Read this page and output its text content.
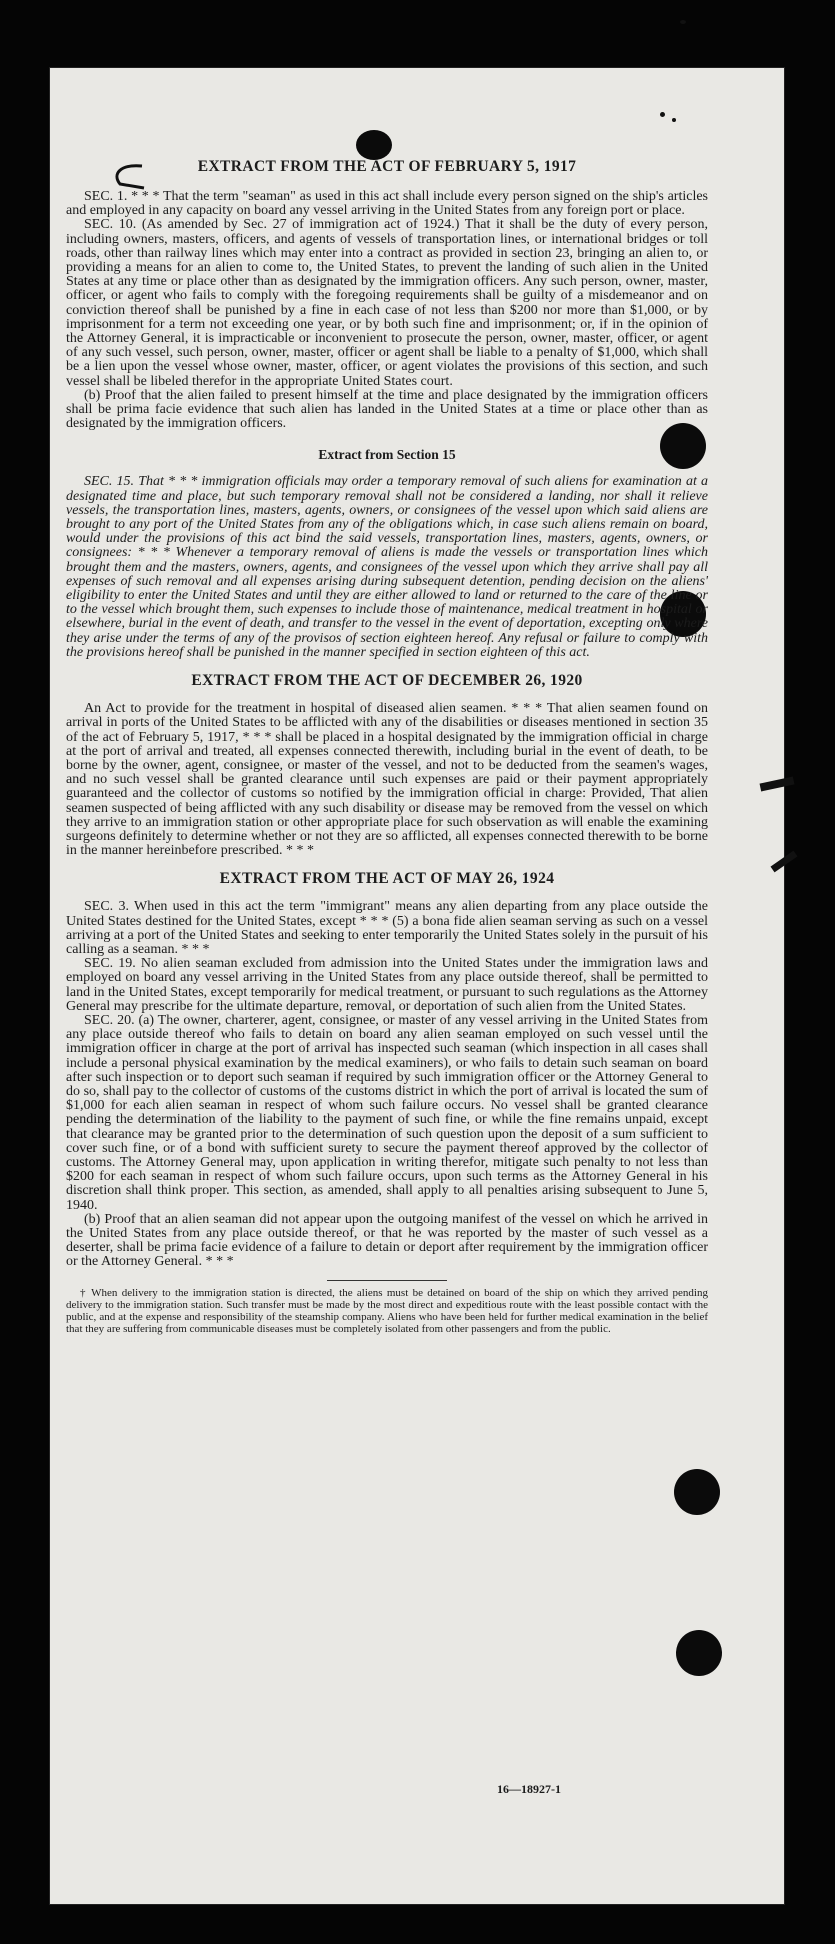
EXTRACT FROM THE ACT OF FEBRUARY 5, 1917

SEC. 1. * * * That the term "seaman" as used in this act shall include every person signed on the ship's articles and employed in any capacity on board any vessel arriving in the United States from any foreign port or place.

SEC. 10. (As amended by Sec. 27 of immigration act of 1924.) That it shall be the duty of every person, including owners, masters, officers, and agents of vessels of transportation lines, or international bridges or toll roads, other than railway lines which may enter into a contract as provided in section 23, bringing an alien to, or providing a means for an alien to come to, the United States, to prevent the landing of such alien in the United States at any time or place other than as designated by the immigration officers. Any such person, owner, master, officer, or agent who fails to comply with the foregoing requirements shall be guilty of a misdemeanor and on conviction thereof shall be punished by a fine in each case of not less than $200 nor more than $1,000, or by imprisonment for a term not exceeding one year, or by both such fine and imprisonment; or, if in the opinion of the Attorney General, it is impracticable or inconvenient to prosecute the person, owner, master, officer, or agent of any such vessel, such person, owner, master, officer or agent shall be liable to a penalty of $1,000, which shall be a lien upon the vessel whose owner, master, officer, or agent violates the provisions of this section, and such vessel shall be libeled therefor in the appropriate United States court.

(b) Proof that the alien failed to present himself at the time and place designated by the immigration officers shall be prima facie evidence that such alien has landed in the United States at a time or place other than as designated by the immigration officers.

Extract from Section 15

SEC. 15. That * * * immigration officials may order a temporary removal of such aliens for examination at a designated time and place, but such temporary removal shall not be considered a landing, nor shall it relieve vessels, the transportation lines, masters, agents, owners, or consignees of the vessel upon which said aliens are brought to any port of the United States from any of the obligations which, in case such aliens remain on board, would under the provisions of this act bind the said vessels, transportation lines, masters, agents, owners, or consignees: * * * Whenever a temporary removal of aliens is made the vessels or transportation lines which brought them and the masters, owners, agents, and consignees of the vessel upon which they arrive shall pay all expenses of such removal and all expenses arising during subsequent detention, pending decision on the aliens' eligibility to enter the United States and until they are either allowed to land or returned to the care of the line or to the vessel which brought them, such expenses to include those of maintenance, medical treatment in hospital or elsewhere, burial in the event of death, and transfer to the vessel in the event of deportation, excepting only where they arise under the terms of any of the provisos of section eighteen hereof. Any refusal or failure to comply with the provisions hereof shall be punished in the manner specified in section eighteen of this act.

EXTRACT FROM THE ACT OF DECEMBER 26, 1920

An Act to provide for the treatment in hospital of diseased alien seamen. * * * That alien seamen found on arrival in ports of the United States to be afflicted with any of the disabilities or diseases mentioned in section 35 of the act of February 5, 1917, * * * shall be placed in a hospital designated by the immigration official in charge at the port of arrival and treated, all expenses connected therewith, including burial in the event of death, to be borne by the owner, agent, consignee, or master of the vessel, and not to be deducted from the seamen's wages, and no such vessel shall be granted clearance until such expenses are paid or their payment appropriately guaranteed and the collector of customs so notified by the immigration official in charge: Provided, That alien seamen suspected of being afflicted with any such disability or disease may be removed from the vessel on which they arrive to an immigration station or other appropriate place for such observation as will enable the examining surgeons definitely to determine whether or not they are so afflicted, all expenses connected therewith to be borne in the manner hereinbefore prescribed. * * *

EXTRACT FROM THE ACT OF MAY 26, 1924

SEC. 3. When used in this act the term "immigrant" means any alien departing from any place outside the United States destined for the United States, except * * * (5) a bona fide alien seaman serving as such on a vessel arriving at a port of the United States and seeking to enter temporarily the United States solely in the pursuit of his calling as a seaman. * * *

SEC. 19. No alien seaman excluded from admission into the United States under the immigration laws and employed on board any vessel arriving in the United States from any place outside thereof, shall be permitted to land in the United States, except temporarily for medical treatment, or pursuant to such regulations as the Attorney General may prescribe for the ultimate departure, removal, or deportation of such alien from the United States.

SEC. 20. (a) The owner, charterer, agent, consignee, or master of any vessel arriving in the United States from any place outside thereof who fails to detain on board any alien seaman employed on such vessel until the immigration officer in charge at the port of arrival has inspected such seaman (which inspection in all cases shall include a personal physical examination by the medical examiners), or who fails to detain such seaman on board after such inspection or to deport such seaman if required by such immigration officer or the Attorney General to do so, shall pay to the collector of customs of the customs district in which the port of arrival is located the sum of $1,000 for each alien seaman in respect of whom such failure occurs. No vessel shall be granted clearance pending the determination of the liability to the payment of such fine, or while the fine remains unpaid, except that clearance may be granted prior to the determination of such question upon the deposit of a sum sufficient to cover such fine, or of a bond with sufficient surety to secure the payment thereof approved by the collector of customs. The Attorney General may, upon application in writing therefor, mitigate such penalty to not less than $200 for each seaman in respect of whom such failure occurs, upon such terms as the Attorney General in his discretion shall think proper. This section, as amended, shall apply to all penalties arising subsequent to June 5, 1940.

(b) Proof that an alien seaman did not appear upon the outgoing manifest of the vessel on which he arrived in the United States from any place outside thereof, or that he was reported by the master of such vessel as a deserter, shall be prima facie evidence of a failure to detain or deport after requirement by the immigration officer or the Attorney General. * * *

† When delivery to the immigration station is directed, the aliens must be detained on board of the ship on which they arrived pending delivery to the immigration station. Such transfer must be made by the most direct and expeditious route with the least possible contact with the public, and at the expense and responsibility of the steamship company. Aliens who have been held for further medical examination in the belief that they are suffering from communicable diseases must be completely isolated from other passengers and from the public.

16—18927-1
